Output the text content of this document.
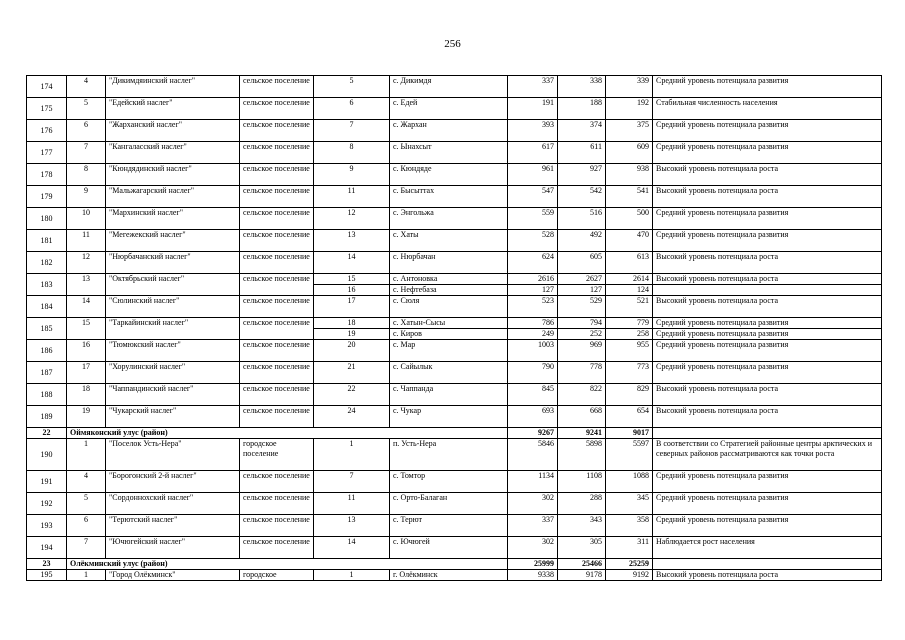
256
174	4	"Дикимдяинский наслег"	сельское поселение	5	с. Дикимдя	337	338	339	Средний уровень потенциала развития
175	5	"Едейский наслег"	сельское поселение	6	с. Едей	191	188	192	Стабильная численность населения
176	6	"Жарханский наслег"	сельское поселение	7	с. Жархан	393	374	375	Средний уровень потенциала развития
177	7	"Кангаласский наслег"	сельское поселение	8	с. Ынахсыт	617	611	609	Средний уровень потенциала развития
178	8	"Кюндядинский наслег"	сельское поселение	9	с. Кюндяде	961	927	938	Высокий уровень потенциала роста
179	9	"Мальжагарский наслег"	сельское поселение	11	с. Бысыттах	547	542	541	Высокий уровень потенциала роста
180	10	"Мархинский наслег"	сельское поселение	12	с. Энгольжа	559	516	500	Средний уровень потенциала развития
181	11	"Мегежекский наслег"	сельское поселение	13	с. Хаты	528	492	470	Средний уровень потенциала развития
182	12	"Нюрбачанский наслег"	сельское поселение	14	с. Нюрбачан	624	605	613	Высокий уровень потенциала роста
183	13	"Октябрьский наслег"	сельское поселение	15	с. Антоновка	2616	2627	2614	Высокий уровень потенциала роста
				16	с. Нефтебаза	127	127	124	
184	14	"Сюлинский наслег"	сельское поселение	17	с. Сюля	523	529	521	Высокий уровень потенциала роста
185	15	"Таркайинский наслег"	сельское поселение	18	с. Хатын-Сысы	786	794	779	Средний уровень потенциала развития
				19	с. Киров	249	252	258	Средний уровень потенциала развития
186	16	"Тюмюкский наслег"	сельское поселение	20	с. Мар	1003	969	955	Средний уровень потенциала развития
187	17	"Хорулинский наслег"	сельское поселение	21	с. Сайылык	790	778	773	Средний уровень потенциала развития
188	18	"Чаппандинский наслег"	сельское поселение	22	с. Чаппанда	845	822	829	Высокий уровень потенциала роста
189	19	"Чукарский наслег"	сельское поселение	24	с. Чукар	693	668	654	Высокий уровень потенциала роста
22	Оймяконский улус (район)					9267	9241	9017	
190	1	"Поселок Усть-Нера"	городское поселение	1	п. Усть-Нера	5846	5898	5597	В соответствии со Стратегией районные центры арктических и северных районов рассматриваются как точки роста
191	4	"Борогонский 2-й наслег"	сельское поселение	7	с. Томтор	1134	1108	1088	Средний уровень потенциала развития
192	5	"Сордоннохский наслег"	сельское поселение	11	с. Орто-Балаган	302	288	345	Средний уровень потенциала развития
193	6	"Терютский наслег"	сельское поселение	13	с. Терют	337	343	358	Средний уровень потенциала развития
194	7	"Ючюгейский наслег"	сельское поселение	14	с. Ючюгей	302	305	311	Наблюдается рост населения
23	Олёкминский улус (район)					25999	25466	25259	
195	1	"Город Олёкминск"	городское	1	г. Олёкминск	9338	9178	9192	Высокий уровень потенциала роста
